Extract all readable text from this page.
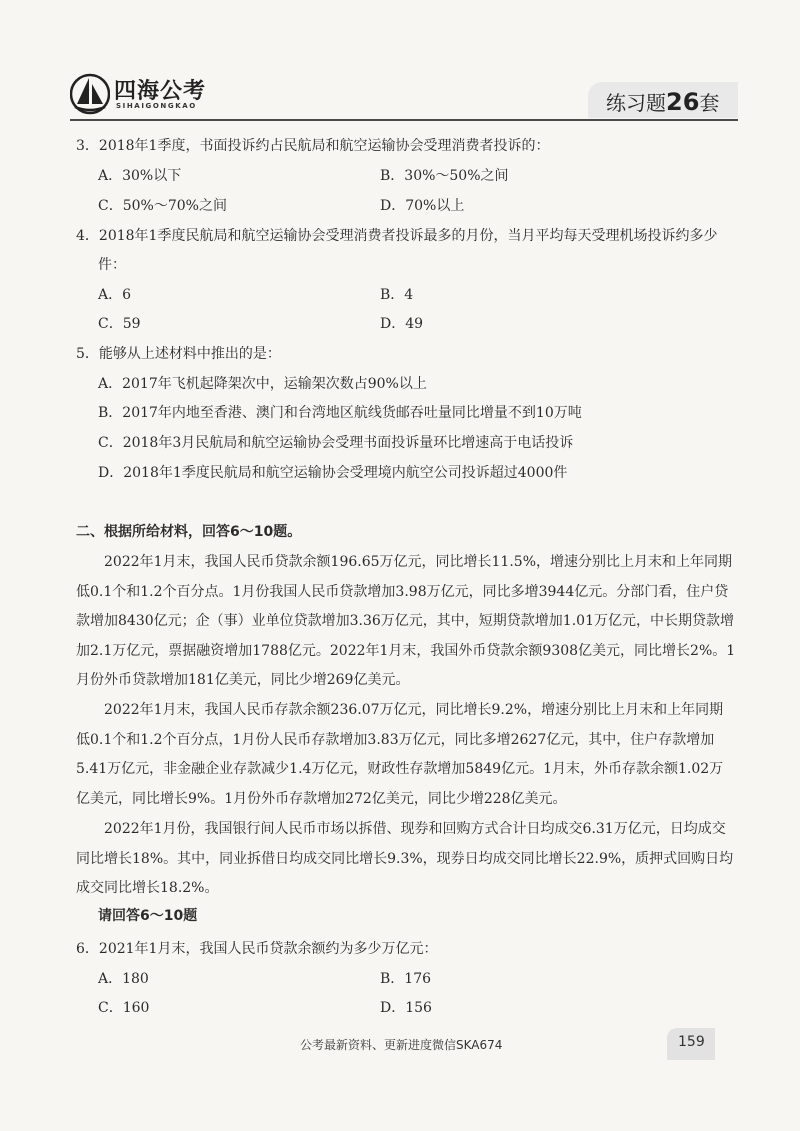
四海公考
SIHAIGONGKAO	练习题26套
3．2018年1季度，书面投诉约占民航局和航空运输协会受理消费者投诉的：
A．30%以下	B．30%～50%之间
C．50%～70%之间	D．70%以上
4．2018年1季度民航局和航空运输协会受理消费者投诉最多的月份，当月平均每天受理机场投诉约多少
件：
A．6	B．4
C．59	D．49
5．能够从上述材料中推出的是：
A．2017年飞机起降架次中，运输架次数占90%以上
B．2017年内地至香港、澳门和台湾地区航线货邮吞吐量同比增量不到10万吨
C．2018年3月民航局和航空运输协会受理书面投诉量环比增速高于电话投诉
D．2018年1季度民航局和航空运输协会受理境内航空公司投诉超过4000件
二、根据所给材料，回答6～10题。
2022年1月末，我国人民币贷款余额196.65万亿元，同比增长11.5%，增速分别比上月末和上年同期低0.1个和1.2个百分点。1月份我国人民币贷款增加3.98万亿元，同比多增3944亿元。分部门看，住户贷款增加8430亿元；企（事）业单位贷款增加3.36万亿元，其中，短期贷款增加1.01万亿元，中长期贷款增加2.1万亿元，票据融资增加1788亿元。2022年1月末，我国外币贷款余额9308亿美元，同比增长2%。1月份外币贷款增加181亿美元，同比少增269亿美元。
2022年1月末，我国人民币存款余额236.07万亿元，同比增长9.2%，增速分别比上月末和上年同期低0.1个和1.2个百分点，1月份人民币存款增加3.83万亿元，同比多增2627亿元，其中，住户存款增加5.41万亿元，非金融企业存款减少1.4万亿元，财政性存款增加5849亿元。1月末，外币存款余额1.02万亿美元，同比增长9%。1月份外币存款增加272亿美元，同比少增228亿美元。
2022年1月份，我国银行间人民币市场以拆借、现券和回购方式合计日均成交6.31万亿元，日均成交同比增长18%。其中，同业拆借日均成交同比增长9.3%，现券日均成交同比增长22.9%，质押式回购日均成交同比增长18.2%。
请回答6～10题
6．2021年1月末，我国人民币贷款余额约为多少万亿元：
A．180	B．176
C．160	D．156
公考最新资料、更新进度微信SKA674	159
